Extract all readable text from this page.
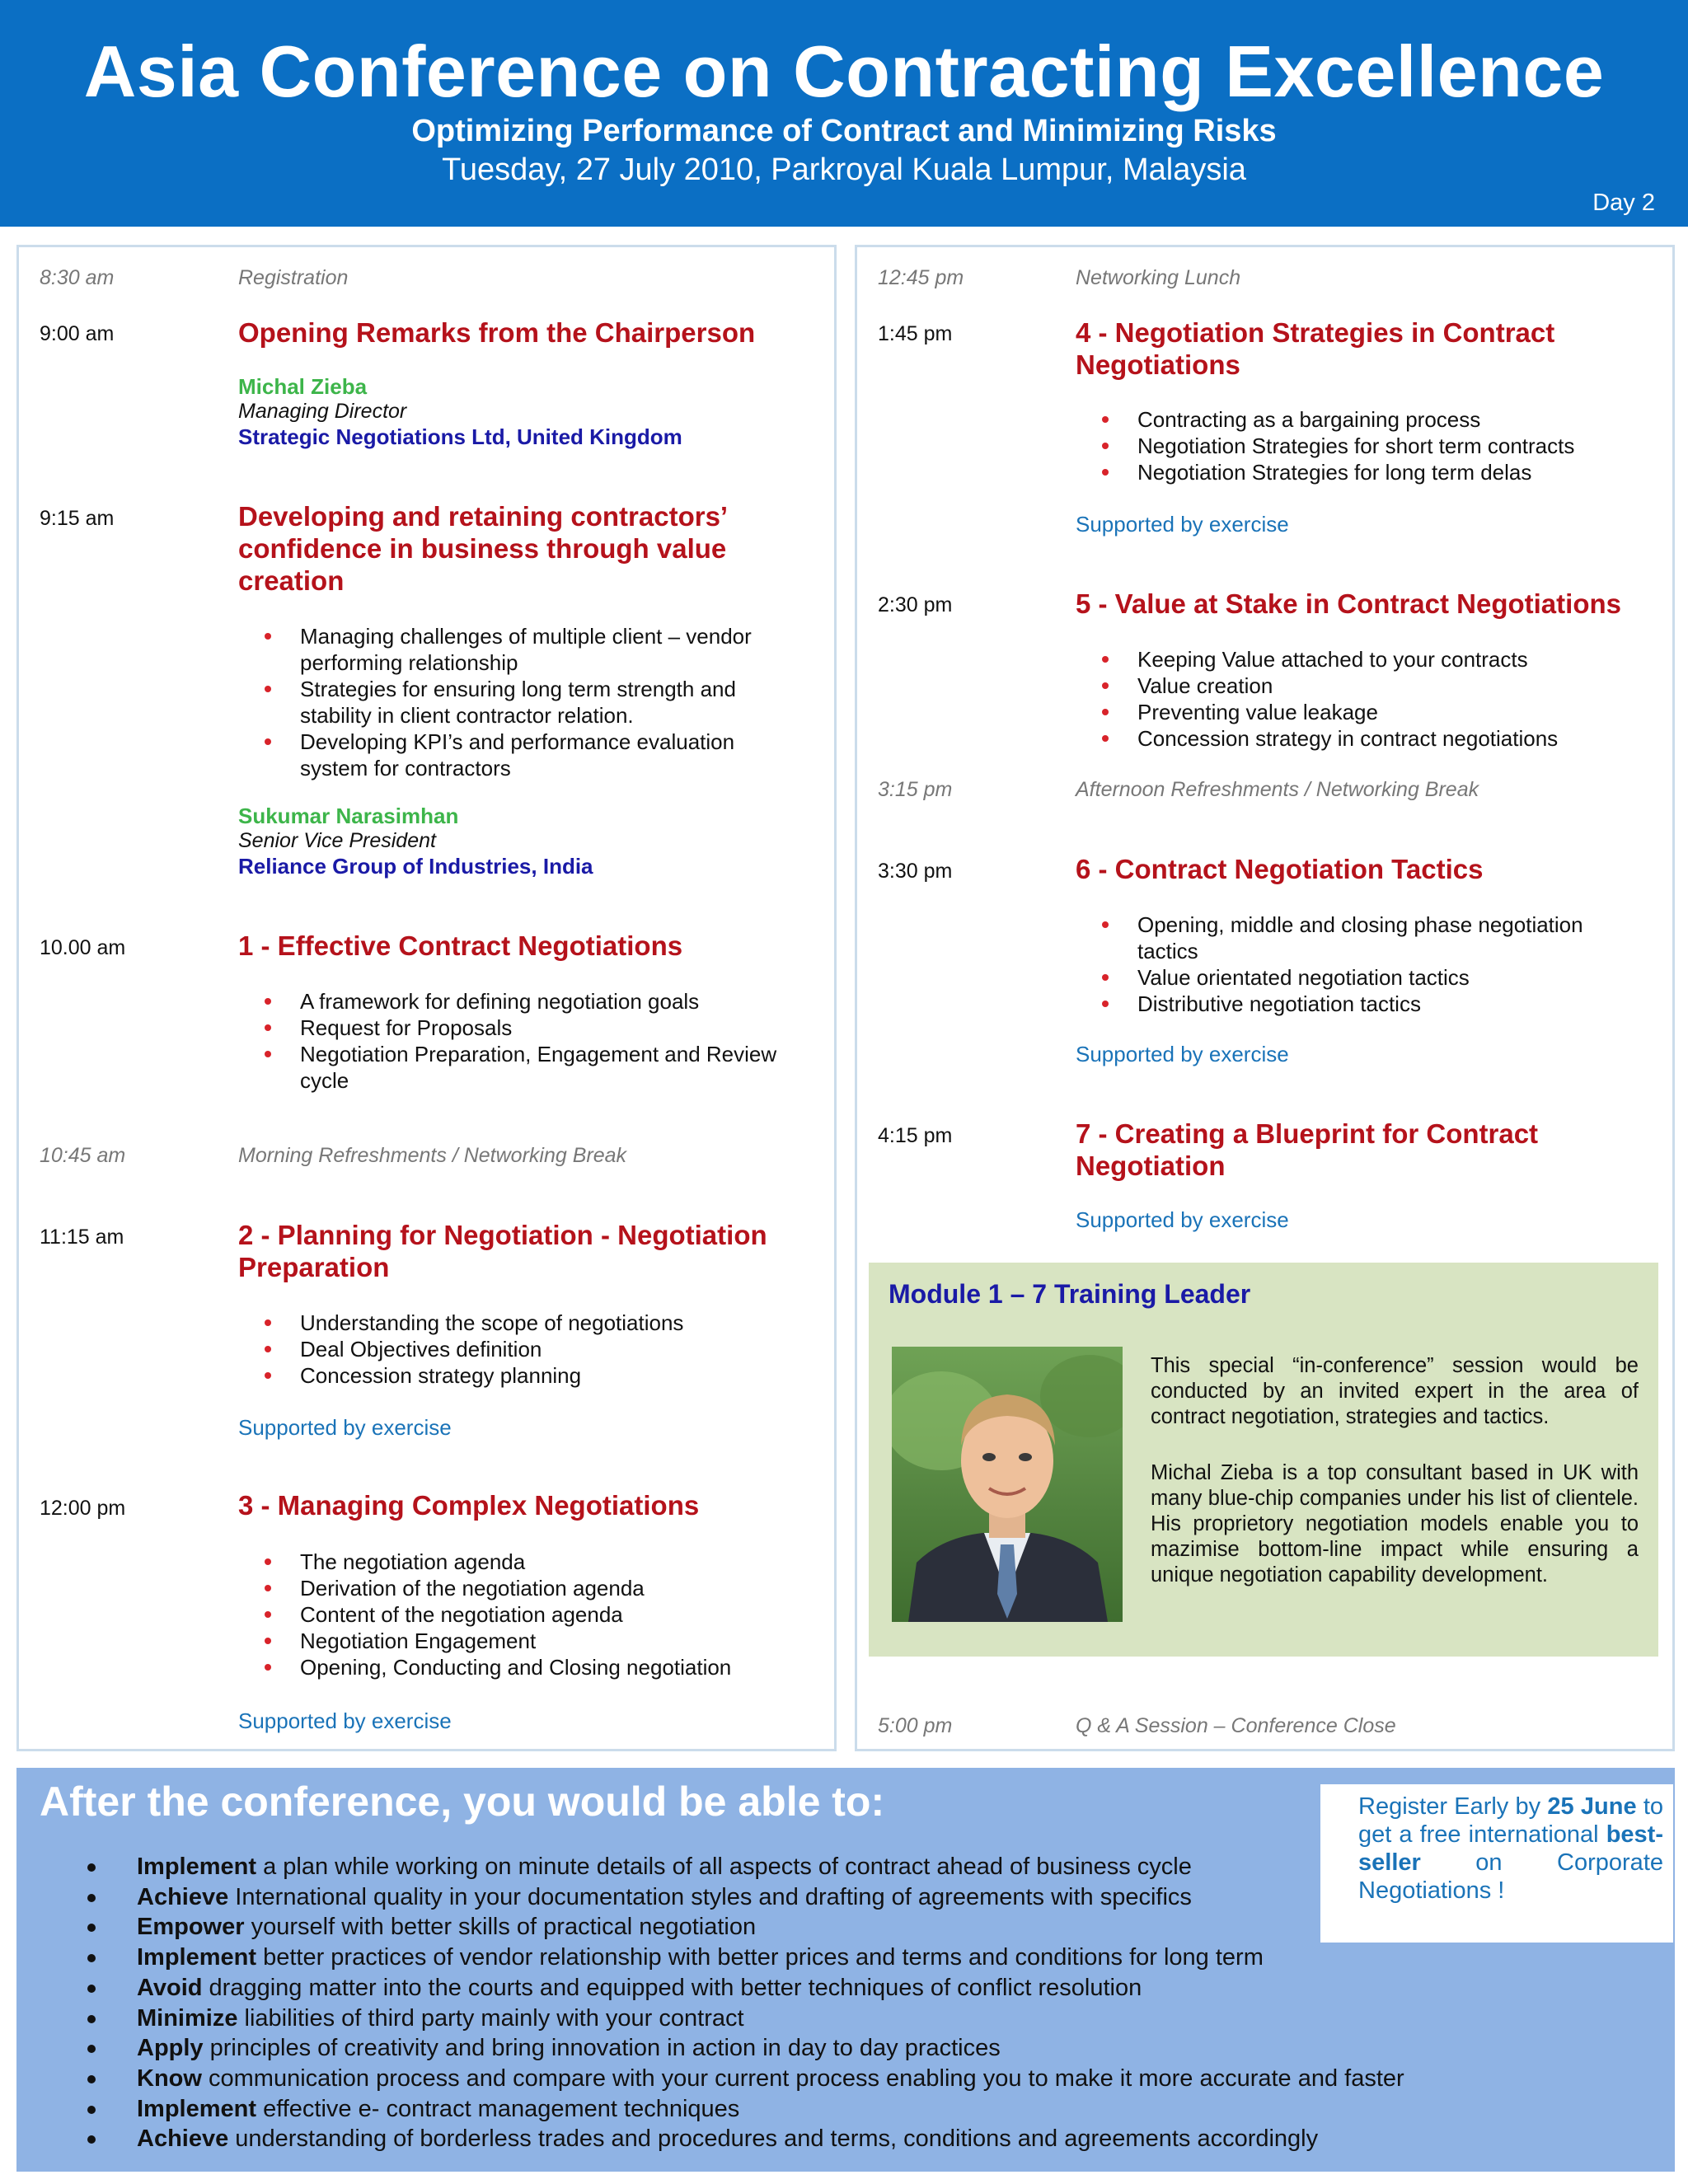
Asia Conference on Contracting Excellence
Optimizing Performance of Contract and Minimizing Risks
Tuesday, 27 July 2010, Parkroyal Kuala Lumpur, Malaysia
Day 2
8:30 am	Registration
9:00 am	Opening Remarks from the Chairperson
Michal Zieba
Managing Director
Strategic Negotiations Ltd, United Kingdom
9:15 am	Developing and retaining contractors’
confidence in business through value
creation
Managing challenges of multiple client – vendor
performing relationship
Strategies for ensuring long term strength and
stability in client contractor relation.
Developing KPI’s and performance evaluation
system for contractors
Sukumar Narasimhan
Senior Vice President
Reliance Group of Industries, India
10.00 am	1 - Effective Contract Negotiations
A framework for defining negotiation goals
Request for Proposals
Negotiation Preparation, Engagement and Review
cycle
10:45 am	Morning Refreshments / Networking Break
11:15 am	2 - Planning for Negotiation - Negotiation
Preparation
Understanding the scope of negotiations
Deal Objectives definition
Concession strategy planning
Supported by exercise
12:00 pm	3 - Managing Complex Negotiations
The negotiation agenda
Derivation of the negotiation agenda
Content of the negotiation agenda
Negotiation Engagement
Opening, Conducting and Closing negotiation
Supported by exercise
12:45 pm	Networking Lunch
1:45 pm	4 - Negotiation Strategies in Contract
Negotiations
Contracting as a bargaining process
Negotiation Strategies for short term contracts
Negotiation Strategies for long term delas
Supported by exercise
2:30 pm	5 - Value at Stake in Contract Negotiations
Keeping Value attached to your contracts
Value creation
Preventing value leakage
Concession strategy in contract negotiations
3:15 pm	Afternoon Refreshments / Networking Break
3:30 pm	6 - Contract Negotiation Tactics
Opening, middle and closing phase negotiation
tactics
Value orientated negotiation tactics
Distributive negotiation tactics
Supported by exercise
4:15 pm	7 - Creating a Blueprint for Contract
Negotiation
Supported by exercise
Module 1 – 7 Training Leader
This special “in-conference” session would be conducted by an invited expert in the area of contract negotiation, strategies and tactics.
Michal Zieba is a top consultant based in UK with many blue-chip companies under his list of clientele. His proprietory negotiation models enable you to mazimise bottom-line impact while ensuring a unique negotiation capability development.
5:00 pm	Q & A Session – Conference Close
After the conference, you would be able to:
Implement a plan while working on minute details of all aspects of contract ahead of business cycle
Achieve International quality in your documentation styles and drafting of agreements with specifics
Empower yourself with better skills of practical negotiation
Implement better practices of vendor relationship with better prices and terms and conditions for long term
Avoid dragging matter into the courts and equipped with better techniques of conflict resolution
Minimize liabilities of third party mainly with your contract
Apply principles of creativity and bring innovation in action in day to day practices
Know communication process and compare with your current process enabling you to make it more accurate and faster
Implement effective e- contract management techniques
Achieve understanding of borderless trades and procedures and terms, conditions and agreements accordingly
Register Early by 25 June to get a free international best-seller on Corporate Negotiations !
